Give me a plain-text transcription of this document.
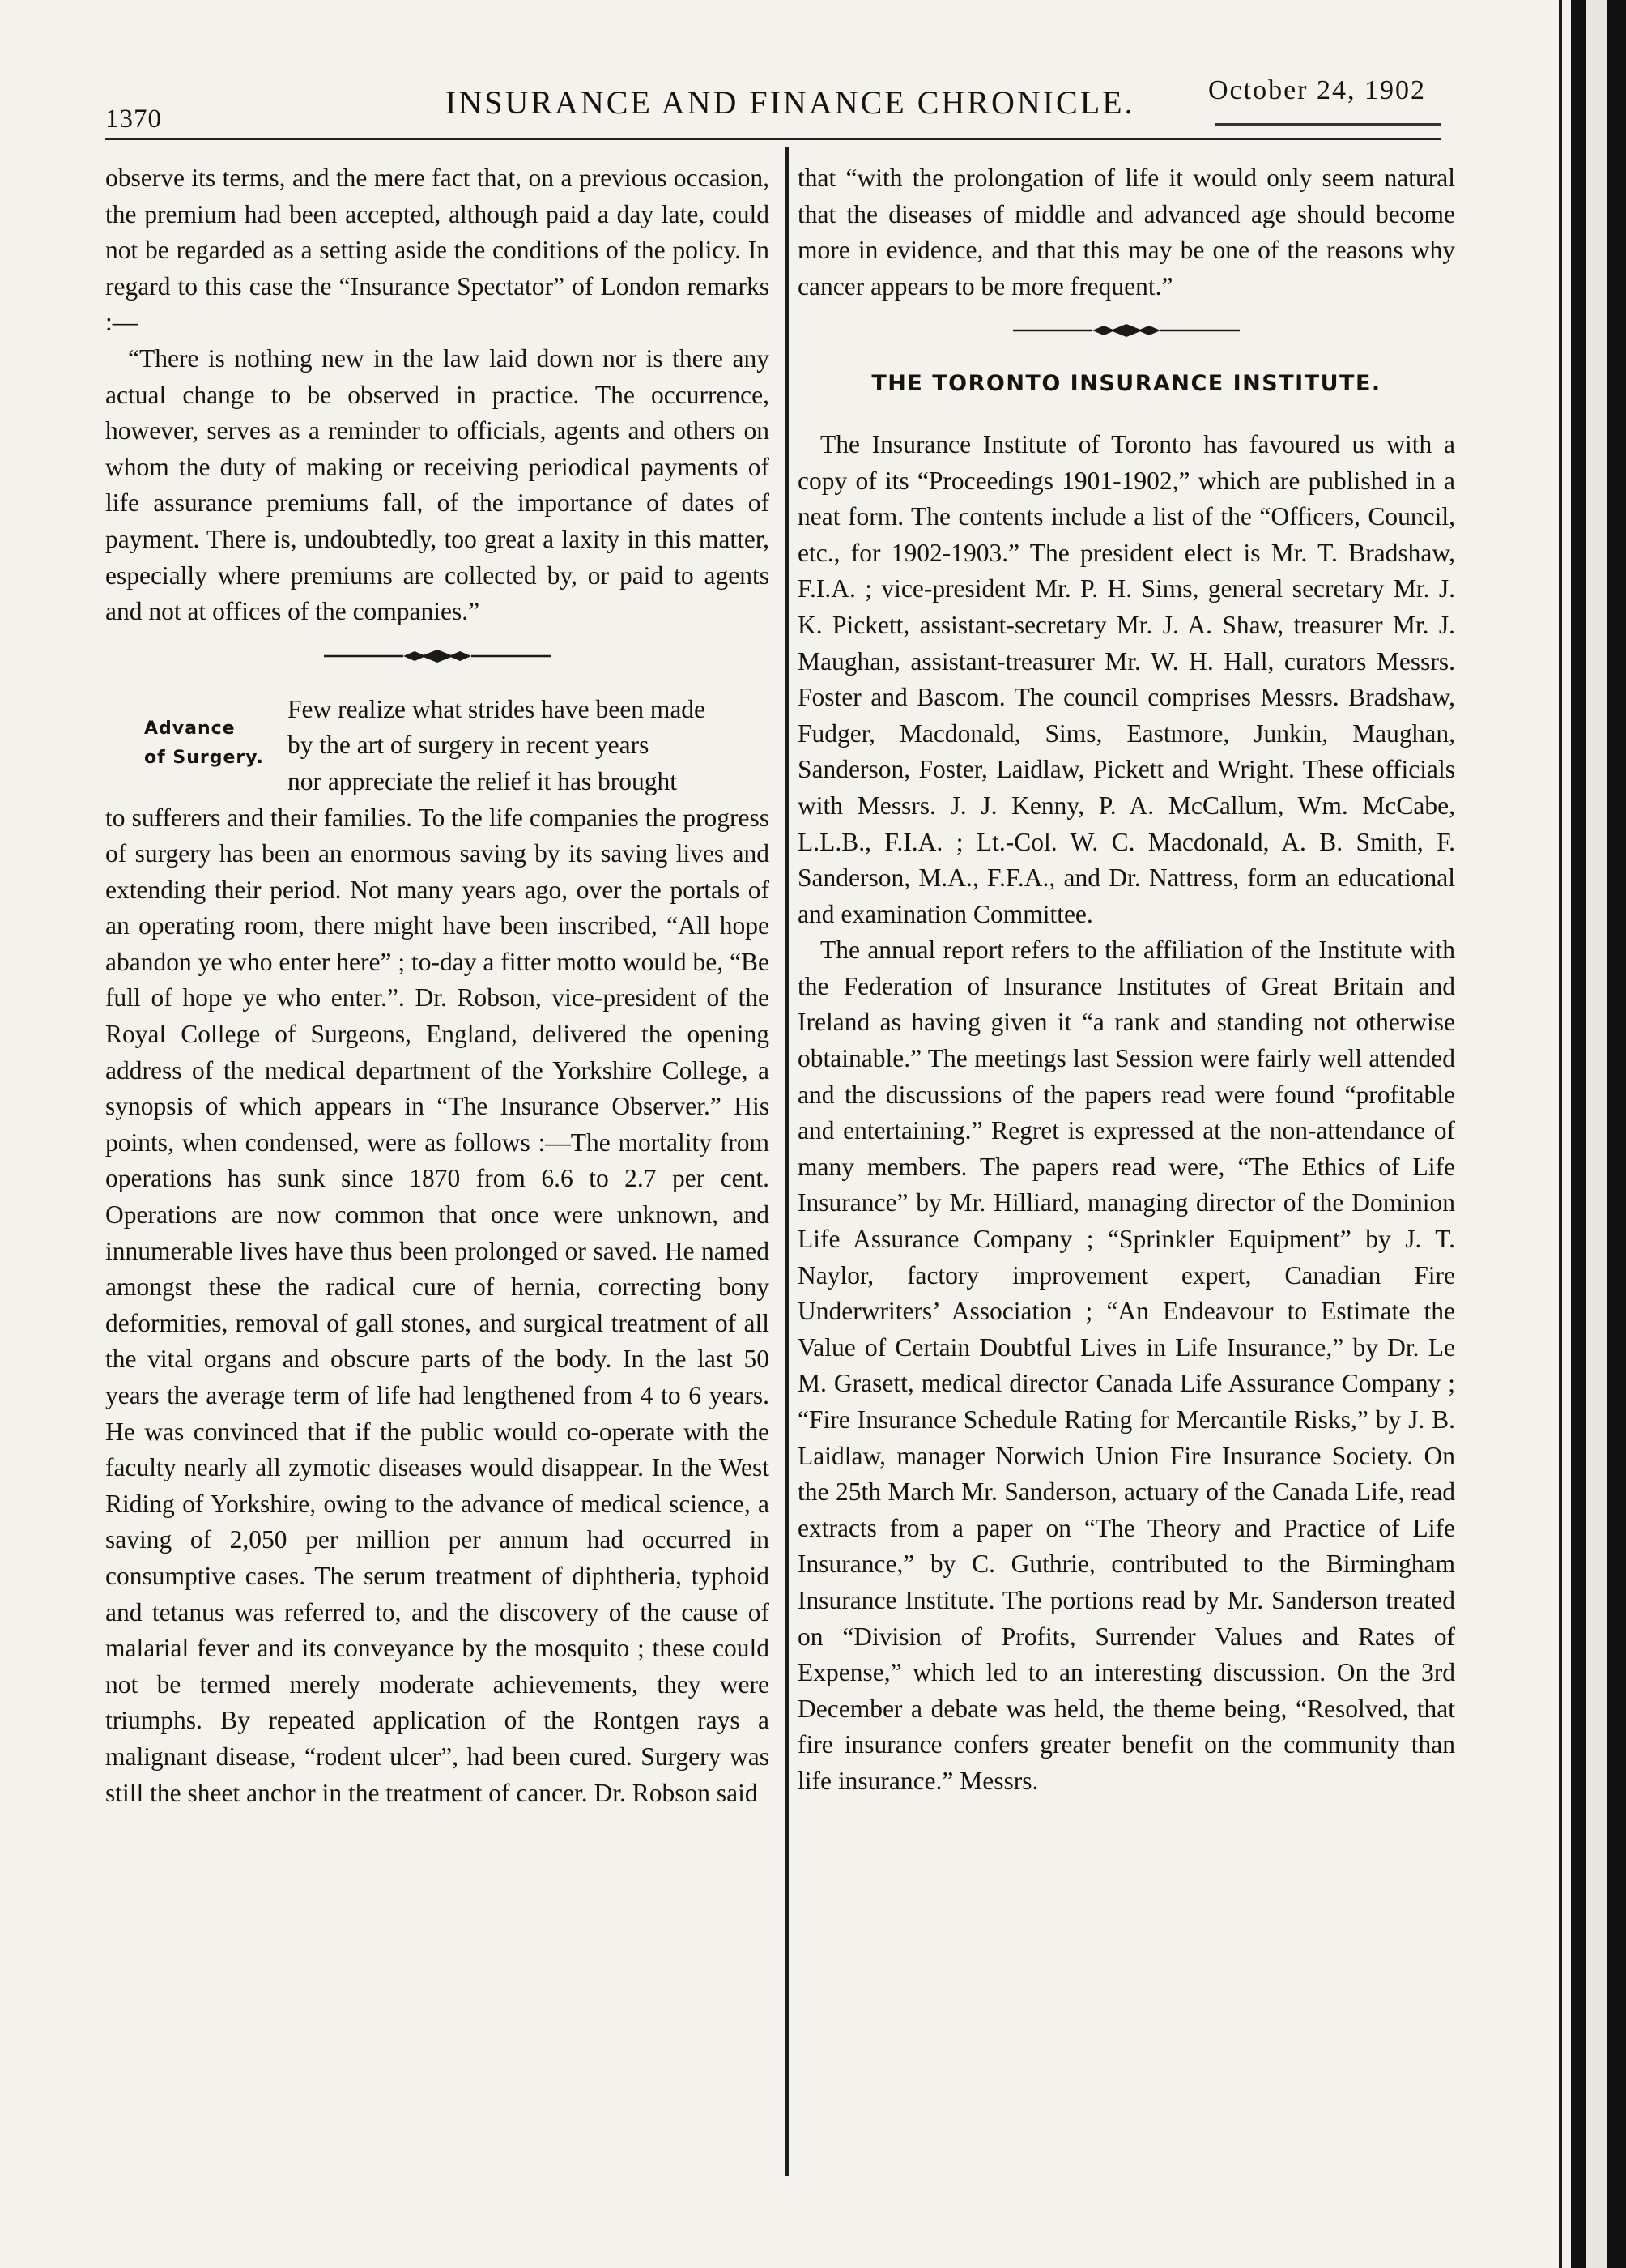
1370	INSURANCE AND FINANCE CHRONICLE.	October 24, 1902

observe its terms, and the mere fact that, on a previous occasion, the premium had been accepted, although paid a day late, could not be regarded as a setting aside the conditions of the policy. In regard to this case the “Insurance Spectator” of London remarks :—

“There is nothing new in the law laid down nor is there any actual change to be observed in practice. The occurrence, however, serves as a reminder to officials, agents and others on whom the duty of making or receiving periodical payments of life assurance premiums fall, of the importance of dates of payment. There is, undoubtedly, too great a laxity in this matter, especially where premiums are collected by, or paid to agents and not at offices of the companies.”

Advance
of Surgery.

Few realize what strides have been made

by the art of surgery in recent years

nor appreciate the relief it has brought

to sufferers and their families. To the life companies the progress of surgery has been an enormous saving by its saving lives and extending their period. Not many years ago, over the portals of an operating room, there might have been inscribed, “All hope abandon ye who enter here” ; to-day a fitter motto would be, “Be full of hope ye who enter.”. Dr. Robson, vice-president of the Royal College of Surgeons, England, delivered the opening address of the medical department of the Yorkshire College, a synopsis of which appears in “The Insurance Observer.” His points, when condensed, were as follows :—The mortality from operations has sunk since 1870 from 6.6 to 2.7 per cent. Operations are now common that once were unknown, and innumerable lives have thus been prolonged or saved. He named amongst these the radical cure of hernia, correcting bony deformities, removal of gall stones, and surgical treatment of all the vital organs and obscure parts of the body. In the last 50 years the average term of life had lengthened from 4 to 6 years. He was convinced that if the public would co-operate with the faculty nearly all zymotic diseases would disappear. In the West Riding of Yorkshire, owing to the advance of medical science, a saving of 2,050 per million per annum had occurred in consumptive cases. The serum treatment of diphtheria, typhoid and tetanus was referred to, and the discovery of the cause of malarial fever and its conveyance by the mosquito ; these could not be termed merely moderate achievements, they were triumphs. By repeated application of the Rontgen rays a malignant disease, “rodent ulcer”, had been cured. Surgery was still the sheet anchor in the treatment of cancer. Dr. Robson said

that “with the prolongation of life it would only seem natural that the diseases of middle and advanced age should become more in evidence, and that this may be one of the reasons why cancer appears to be more frequent.”

THE TORONTO INSURANCE INSTITUTE.

The Insurance Institute of Toronto has favoured us with a copy of its “Proceedings 1901-1902,” which are published in a neat form. The contents include a list of the “Officers, Council, etc., for 1902-1903.” The president elect is Mr. T. Bradshaw, F.I.A. ; vice-president Mr. P. H. Sims, general secretary Mr. J. K. Pickett, assistant-secretary Mr. J. A. Shaw, treasurer Mr. J. Maughan, assistant-treasurer Mr. W. H. Hall, curators Messrs. Foster and Bascom. The council comprises Messrs. Bradshaw, Fudger, Macdonald, Sims, Eastmore, Junkin, Maughan, Sanderson, Foster, Laidlaw, Pickett and Wright. These officials with Messrs. J. J. Kenny, P. A. McCallum, Wm. McCabe, L.L.B., F.I.A. ; Lt.-Col. W. C. Macdonald, A. B. Smith, F. Sanderson, M.A., F.F.A., and Dr. Nattress, form an educational and examination Committee.

The annual report refers to the affiliation of the Institute with the Federation of Insurance Institutes of Great Britain and Ireland as having given it “a rank and standing not otherwise obtainable.” The meetings last Session were fairly well attended and the discussions of the papers read were found “profitable and entertaining.” Regret is expressed at the non-attendance of many members. The papers read were, “The Ethics of Life Insurance” by Mr. Hilliard, managing director of the Dominion Life Assurance Company ; “Sprinkler Equipment” by J. T. Naylor, factory improvement expert, Canadian Fire Underwriters’ Association ; “An Endeavour to Estimate the Value of Certain Doubtful Lives in Life Insurance,” by Dr. Le M. Grasett, medical director Canada Life Assurance Company ; “Fire Insurance Schedule Rating for Mercantile Risks,” by J. B. Laidlaw, manager Norwich Union Fire Insurance Society. On the 25th March Mr. Sanderson, actuary of the Canada Life, read extracts from a paper on “The Theory and Practice of Life Insurance,” by C. Guthrie, contributed to the Birmingham Insurance Institute. The portions read by Mr. Sanderson treated on “Division of Profits, Surrender Values and Rates of Expense,” which led to an interesting discussion. On the 3rd December a debate was held, the theme being, “Resolved, that fire insurance confers greater benefit on the community than life insurance.” Messrs.
